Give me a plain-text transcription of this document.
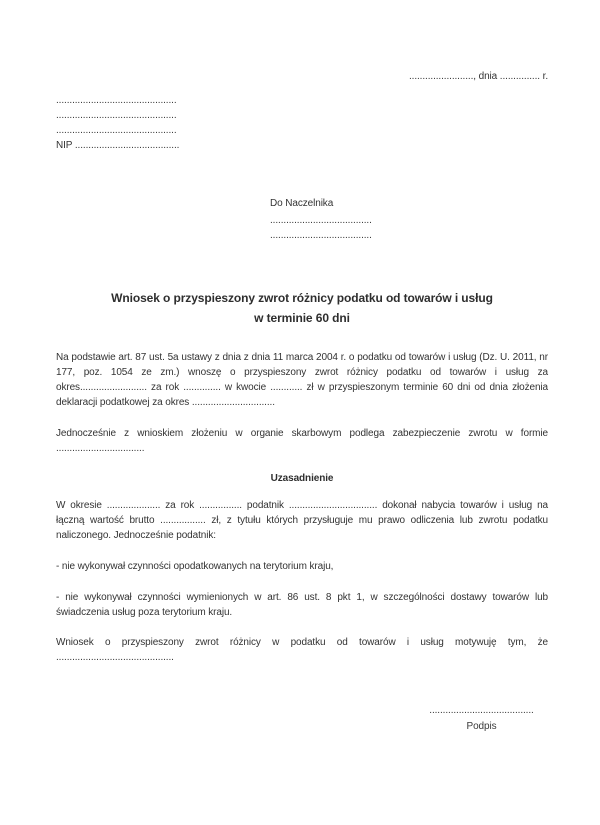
........................, dnia ............... r.
.............................................
.............................................
.............................................
NIP .......................................
Do Naczelnika
......................................
......................................
Wniosek o przyspieszony zwrot różnicy podatku od towarów i usług
w terminie 60 dni

Na podstawie art. 87 ust. 5a ustawy z dnia z dnia 11 marca 2004 r. o podatku od towarów i usług (Dz. U. 2011, nr 177, poz. 1054 ze zm.) wnoszę o przyspieszony zwrot różnicy podatku od towarów i usług za okres......................... za rok .............. w kwocie ............ zł w przyspieszonym terminie 60 dni od dnia złożenia deklaracji podatkowej za okres ...............................

Jednocześnie z wnioskiem złożeniu w organie skarbowym podlega zabezpieczenie zwrotu w formie .................................

Uzasadnienie

W okresie .................... za rok ................ podatnik ................................. dokonał nabycia towarów i usług na łączną wartość brutto ................. zł, z tytułu których przysługuje mu prawo odliczenia lub zwrotu podatku naliczonego. Jednocześnie podatnik:

- nie wykonywał czynności opodatkowanych na terytorium kraju,

- nie wykonywał czynności wymienionych w art. 86 ust. 8 pkt 1, w szczególności dostawy towarów lub świadczenia usług poza terytorium kraju.

Wniosek o przyspieszony zwrot różnicy w podatku od towarów i usług motywuję tym, że ............................................

.......................................
Podpis
